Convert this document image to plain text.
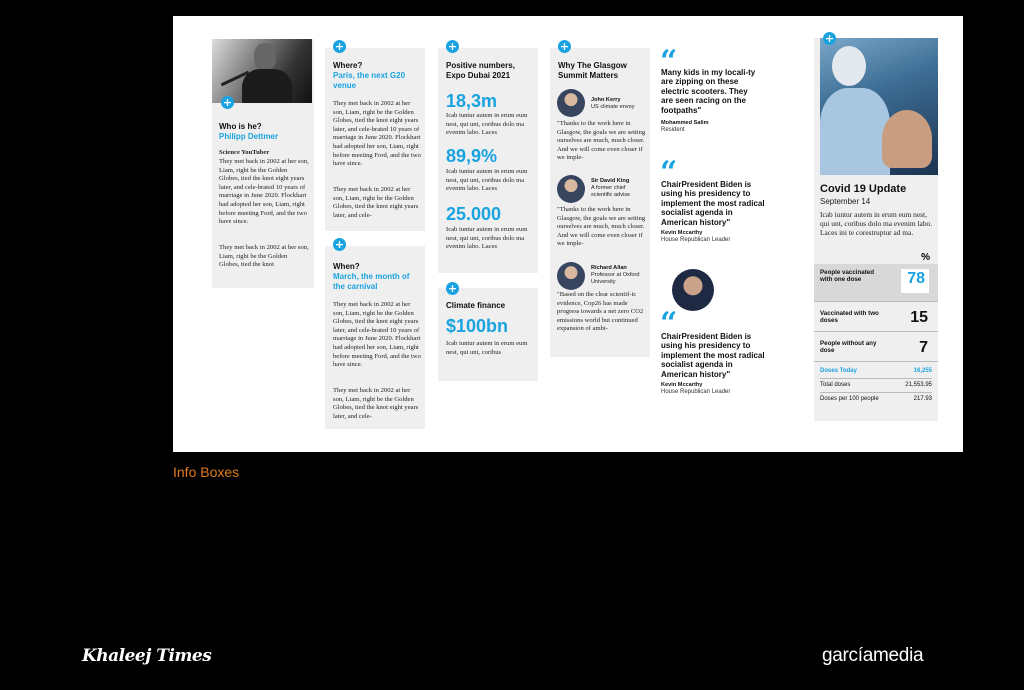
+
Who is he?
Philipp Dettmer
Science YouTuber
They met back in 2002 at her son, Liam, right be the Golden Globes, tied the knot eight years later, and cele-brated 10 years of marriage in June 2020. Flockhart had adopted her son, Liam, right before meeting Ford, and the two have since.
They met back in 2002 at her son, Liam, right be the Golden Globes, tied the knot
+
Where?
Paris, the next G20 venue
They met back in 2002 at her son, Liam, right be the Golden Globes, tied the knot eight years later, and cele-brated 10 years of marriage in June 2020. Flockhart had adopted her son, Liam, right before meeting Ford, and the two have since.
They met back in 2002 at her son, Liam, right be the Golden Globes, tied the knot eight years later, and cele-
+
When?
March, the month of the carnival
They met back in 2002 at her son, Liam, right be the Golden Globes, tied the knot eight years later, and cele-brated 10 years of marriage in June 2020. Flockhart had adopted her son, Liam, right before meeting Ford, and the two have since.
They met back in 2002 at her son, Liam, right be the Golden Globes, tied the knot eight years later, and cele-
+
Positive numbers, Expo Dubai 2021
18,3m
Icab iuntur autem in erum eum nest, qui unt, coribus dolo ma evenim labo. Laces
89,9%
Icab iuntur autem in erum eum nest, qui unt, coribus dolo ma evenim labo. Laces
25.000
Icab iuntur autem in erum eum nest, qui unt, coribus dolo ma evenim labo. Laces
+
Climate finance
$100bn
Icab iuntur autem in erum eum nest, qui unt, coribus
+
Why The Glasgow Summit Matters
John Kerry
US climate envoy
"Thanks to the work here in Glasgow, the goals we are setting ourselves are much, much closer. And we will come even closer if we imple-
Sir David King
A former chief scientific advise
"Thanks to the work here in Glasgow, the goals we are setting ourselves are much, much closer. And we will come even closer if we imple-
Richard Allan
Professor at Oxford University
"Based on the clear scientif-ic evidence, Cop26 has made progress towards a net zero CO2 emissions world but continued expansion of ambi-
“
Many kids in my locali-ty are zipping on these electric scooters. They are seen racing on the footpaths"
Mohammed Salim
Resident
“
ChairPresident Biden is using his presidency to implement the most radical socialist agenda in American history"
Kevin Mccarthy
House Republican Leader
“
ChairPresident Biden is using his presidency to implement the most radical socialist agenda in American history"
Kevin Mccarthy
House Republican Leader
+
Covid 19 Update
September 14
Icab iuntur autem in erum eum nest, qui unt, coribus dolo ma evenim labo. Laces ini te corestruptur ad ma.
%
People vaccinated with one dose	78
Vaccinated with two doses	15
People without any dose	7
Doses Today	16,255
Total doses	21,553,95
Doses per 100 people	217.93
Info Boxes
Khaleej Times	garcíamedia
